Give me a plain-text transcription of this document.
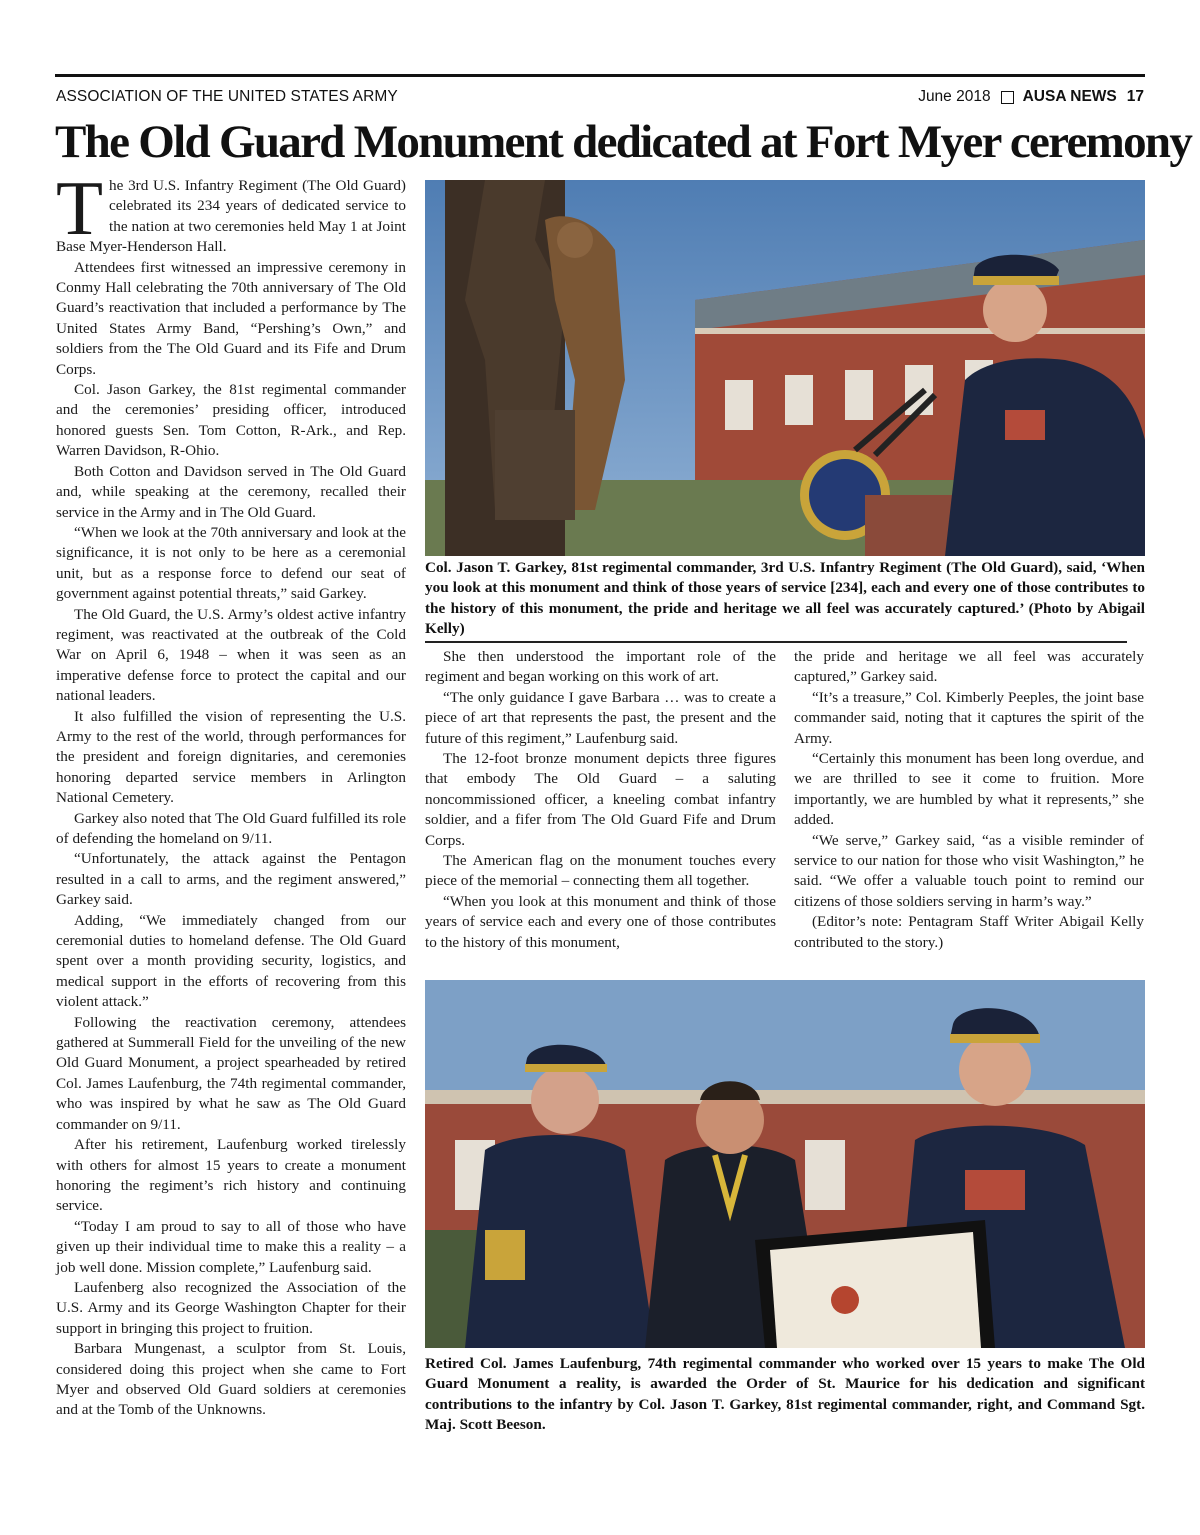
ASSOCIATION OF THE UNITED STATES ARMY	June 2018 AUSA NEWS 17
The Old Guard Monument dedicated at Fort Myer ceremony

The 3rd U.S. Infantry Regiment (The Old Guard) celebrated its 234 years of dedicated service to the nation at two ceremonies held May 1 at Joint Base Myer-Henderson Hall.

Attendees first witnessed an impressive ceremony in Conmy Hall celebrating the 70th anniversary of The Old Guard’s reactivation that included a performance by The United States Army Band, “Pershing’s Own,” and soldiers from the The Old Guard and its Fife and Drum Corps.

Col. Jason Garkey, the 81st regimental commander and the ceremonies’ presiding officer, introduced honored guests Sen. Tom Cotton, R-Ark., and Rep. Warren Davidson, R-Ohio.

Both Cotton and Davidson served in The Old Guard and, while speaking at the ceremony, recalled their service in the Army and in The Old Guard.

“When we look at the 70th anniversary and look at the significance, it is not only to be here as a ceremonial unit, but as a response force to defend our seat of government against potential threats,” said Garkey.

The Old Guard, the U.S. Army’s oldest active infantry regiment, was reactivated at the outbreak of the Cold War on April 6, 1948 – when it was seen as an imperative defense force to protect the capital and our national leaders.

It also fulfilled the vision of representing the U.S. Army to the rest of the world, through performances for the president and foreign dignitaries, and ceremonies honoring departed service members in Arlington National Cemetery.

Garkey also noted that The Old Guard fulfilled its role of defending the homeland on 9/11.

“Unfortunately, the attack against the Pentagon resulted in a call to arms, and the regiment answered,” Garkey said.

Adding, “We immediately changed from our ceremonial duties to homeland defense. The Old Guard spent over a month providing security, logistics, and medical support in the efforts of recovering from this violent attack.”

Following the reactivation ceremony, attendees gathered at Summerall Field for the unveiling of the new Old Guard Monument, a project spearheaded by retired Col. James Laufenburg, the 74th regimental commander, who was inspired by what he saw as The Old Guard commander on 9/11.

After his retirement, Laufenburg worked tirelessly with others for almost 15 years to create a monument honoring the regiment’s rich history and continuing service.

“Today I am proud to say to all of those who have given up their individual time to make this a reality – a job well done. Mission complete,” Laufenburg said.

Laufenberg also recognized the Association of the U.S. Army and its George Washington Chapter for their support in bringing this project to fruition.

Barbara Mungenast, a sculptor from St. Louis, considered doing this project when she came to Fort Myer and observed Old Guard soldiers at ceremonies and at the Tomb of the Unknowns.

Col. Jason T. Garkey, 81st regimental commander, 3rd U.S. Infantry Regiment (The Old Guard), said, ‘When you look at this monument and think of those years of service [234], each and every one of those contributes to the history of this monument, the pride and heritage we all feel was accurately captured.’ (Photo by Abigail Kelly)

She then understood the important role of the regiment and began working on this work of art.

“The only guidance I gave Barbara … was to create a piece of art that represents the past, the present and the future of this regiment,” Laufenburg said.

The 12-foot bronze monument depicts three figures that embody The Old Guard – a saluting noncommissioned officer, a kneeling combat infantry soldier, and a fifer from The Old Guard Fife and Drum Corps.

The American flag on the monument touches every piece of the memorial – connecting them all together.

“When you look at this monument and think of those years of service each and every one of those contributes to the history of this monument,

the pride and heritage we all feel was accurately captured,” Garkey said.

“It’s a treasure,” Col. Kimberly Peeples, the joint base commander said, noting that it captures the spirit of the Army.

“Certainly this monument has been long overdue, and we are thrilled to see it come to fruition. More importantly, we are humbled by what it represents,” she added.

“We serve,” Garkey said, “as a visible reminder of service to our nation for those who visit Washington,” he said. “We offer a valuable touch point to remind our citizens of those soldiers serving in harm’s way.”

(Editor’s note: Pentagram Staff Writer Abigail Kelly contributed to the story.)

Retired Col. James Laufenburg, 74th regimental commander who worked over 15 years to make The Old Guard Monument a reality, is awarded the Order of St. Maurice for his dedication and significant contributions to the infantry by Col. Jason T. Garkey, 81st regimental commander, right, and Command Sgt. Maj. Scott Beeson.
